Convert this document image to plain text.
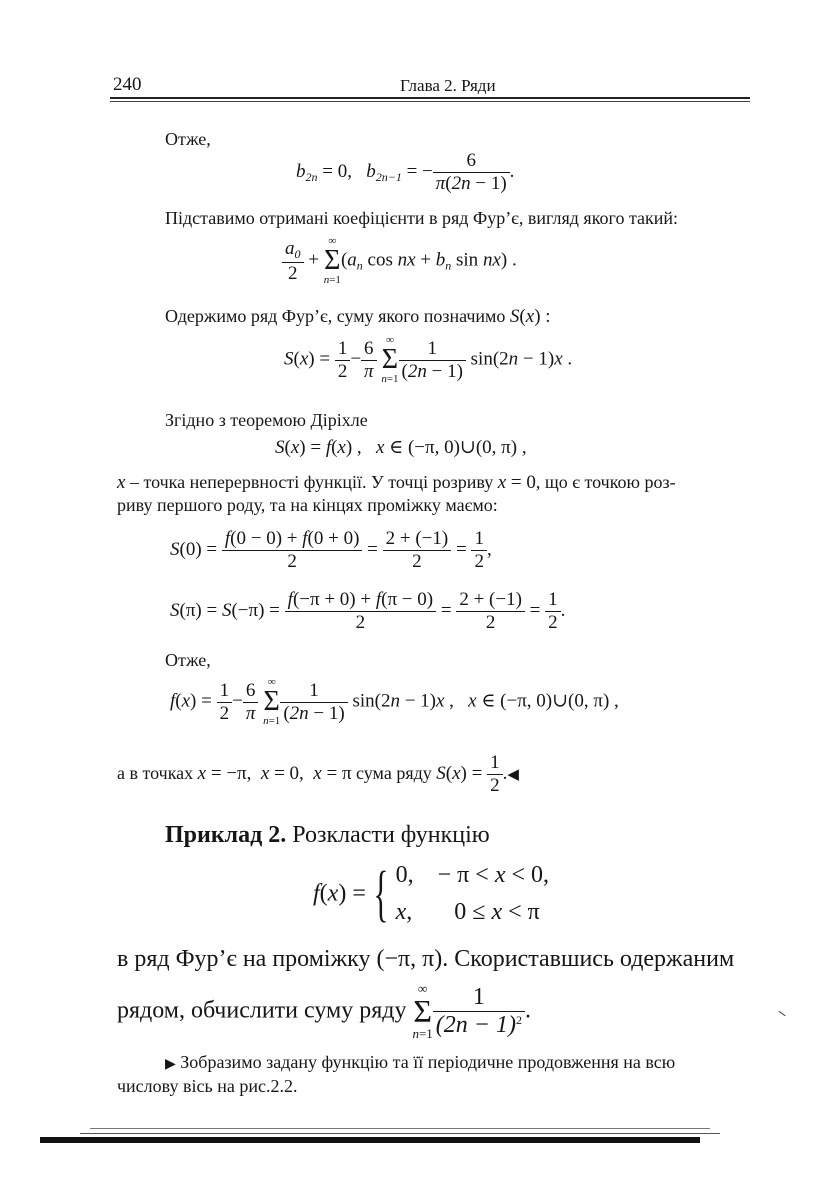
240	Глава 2. Ряди
Отже,
$b_{2n} = 0$,   $b_{2n-1}$ = − $\frac{6}{\pi(2n - 1)}$ .
Підставимо отримані коефіцієнти в ряд Фур’є, вигляд якого такий:
$\frac{a_0}{2}$ +
∞
Σ
n=1
($a_n$ cos nx + $b_n$ sin nx) .
Одержимо ряд Фур’є, суму якого позначимо S(x) :
$S(x) = \frac{1}{2} - \frac{6}{\pi}$
∞
Σ
$n=1 \frac{1}{(2n - 1)} \sin(2n - 1)x$ .
Згідно з теоремою Діріхле
S(x) = f(x) ,   x ∈ (−π, 0)∪(0, π) ,
x – точка неперервності функції. У точці розриву x = 0, що є точкою роз-
риву першого роду, та на кінцях проміжку маємо:
$S(0) = \frac{f(0 - 0) + f(0 + 0)}{2} = \frac{2 + (-1)}{2} = \frac{1}{2}$ ,
$S(\pi) = S(-\pi) = \frac{f(-\pi + 0) + f(\pi - 0)}{2} = \frac{2 + (-1)}{2} = \frac{1}{2}$ .
Отже,
$f(x) = \frac{1}{2} - \frac{6}{\pi}$
∞
Σ
$n=1 \frac{1}{(2n - 1)} \sin(2n - 1)x$ ,   x ∈ (−π, 0)∪(0, π) ,
а в точках x = −π,  x = 0,  x = π сума ряду $S(x) = \frac{1}{2}$ .◀
Приклад 2. Розкласти функцію
f(x) = { 0, − π < x < 0,
x, 0 ≤ x < π
в ряд Фур’є на проміжку (−π, π). Скориставшись одержаним
рядом, обчислити суму ряду
∞
Σ
$n=1 \frac{1}{(2n - 1)^2}$ .
▶ Зобразимо задану функцію та її періодичне продовження на всю
числову вісь на рис.2.2.
